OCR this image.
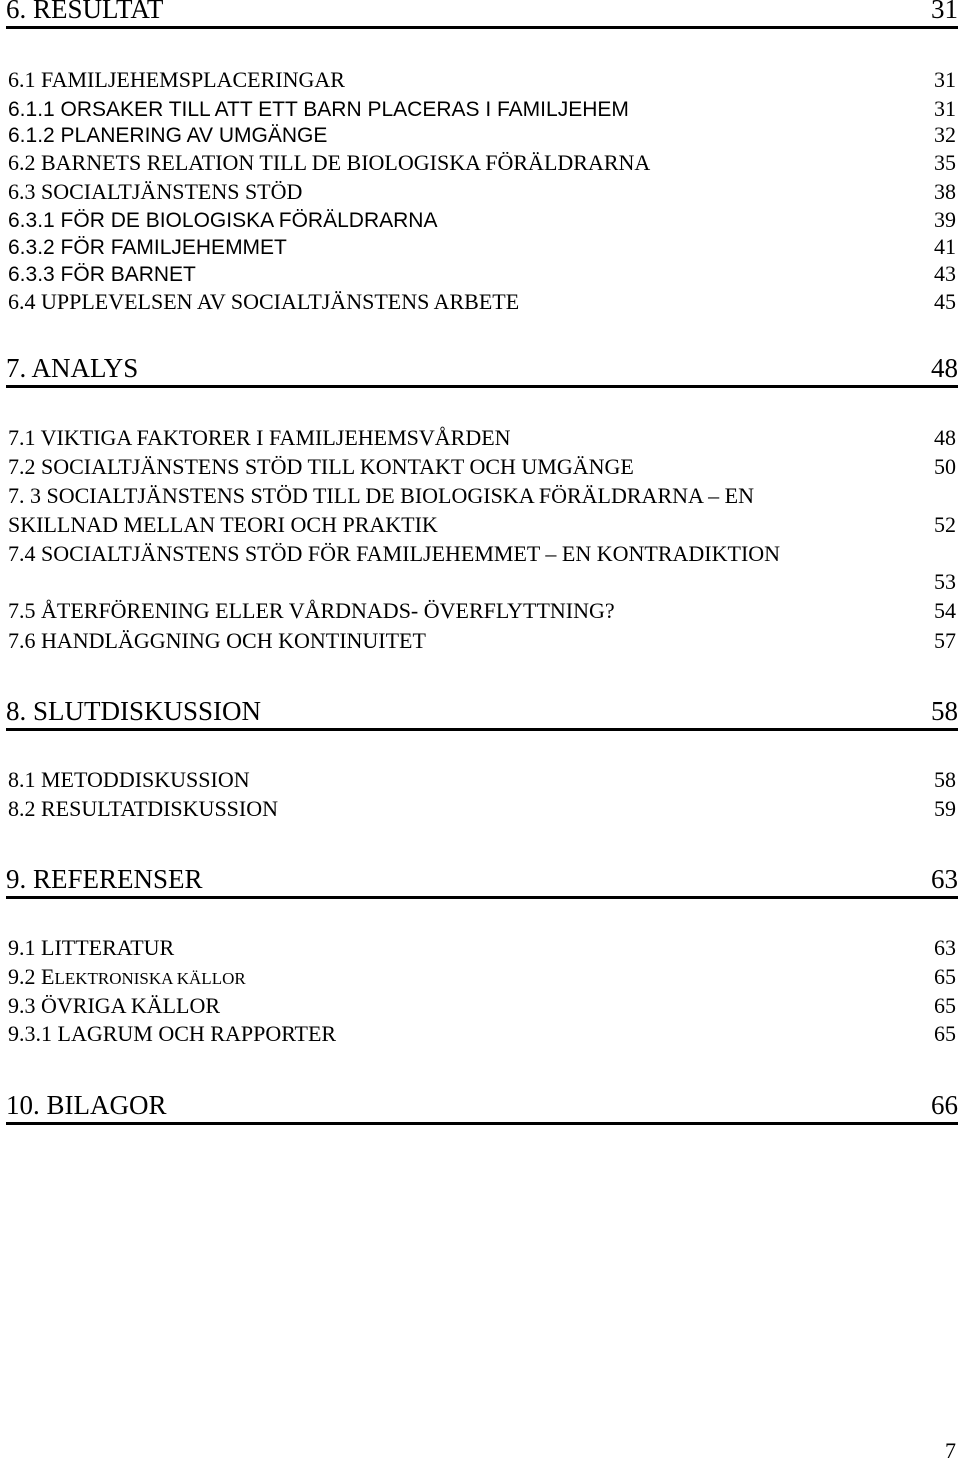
6. RESULTAT	31
6.1 FAMILJEHEMSPLACERINGAR	31
6.1.1 ORSAKER TILL ATT ETT BARN PLACERAS I FAMILJEHEM	31
6.1.2 PLANERING AV UMGÄNGE	32
6.2 BARNETS RELATION TILL DE BIOLOGISKA FÖRÄLDRARNA	35
6.3 SOCIALTJÄNSTENS STÖD	38
6.3.1 FÖR DE BIOLOGISKA FÖRÄLDRARNA	39
6.3.2 FÖR FAMILJEHEMMET	41
6.3.3 FÖR BARNET	43
6.4 UPPLEVELSEN AV SOCIALTJÄNSTENS ARBETE	45
7. ANALYS	48
7.1 VIKTIGA FAKTORER I FAMILJEHEMSVÅRDEN	48
7.2 SOCIALTJÄNSTENS STÖD TILL KONTAKT OCH UMGÄNGE	50
7. 3 SOCIALTJÄNSTENS STÖD TILL DE BIOLOGISKA FÖRÄLDRARNA – EN
SKILLNAD MELLAN TEORI OCH PRAKTIK	52
7.4 SOCIALTJÄNSTENS STÖD FÖR FAMILJEHEMMET – EN KONTRADIKTION
53
7.5 ÅTERFÖRENING ELLER VÅRDNADS- ÖVERFLYTTNING?	54
7.6 HANDLÄGGNING OCH KONTINUITET	57
8. SLUTDISKUSSION	58
8.1 METODDISKUSSION	58
8.2 RESULTATDISKUSSION	59
9. REFERENSER	63
9.1 LITTERATUR	63
9.2 ELEKTRONISKA KÄLLOR	65
9.3 ÖVRIGA KÄLLOR	65
9.3.1 LAGRUM OCH RAPPORTER	65
10. BILAGOR	66
7
